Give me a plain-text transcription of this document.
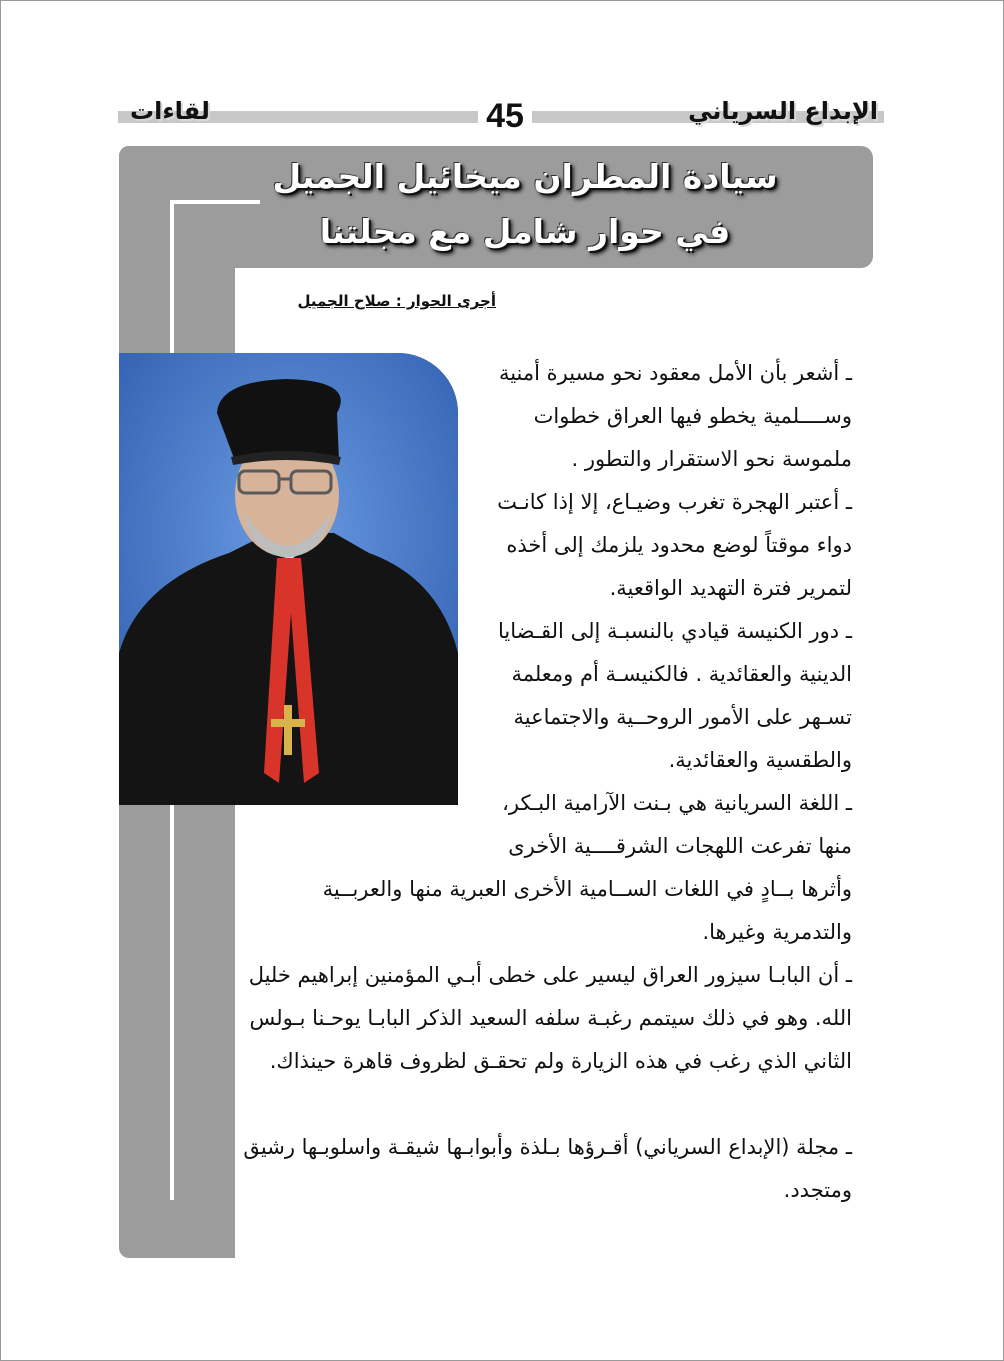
الإبداع السرياني
45
لقاءات
سيادة المطران ميخائيل الجميل
في حوار شامل مع مجلتنا
أجرى الحوار : صلاح الجميل
ـ أشعر بأن الأمل معقود نحو مسيرة أمنية وســــلمية يخطو فيها العراق خطوات ملموسة نحو الاستقرار والتطور .
ـ أعتبر الهجرة تغرب وضيـاع، إلا إذا كانـت دواء موقتاً لوضع محدود يلزمك إلى أخذه لتمرير فترة التهديد الواقعية.
ـ دور الكنيسة قيادي بالنسبـة إلى القـضايا الدينية والعقائدية . فالكنيسـة أم ومعلمة تسـهر على الأمور الروحــية والاجتماعية والطقسية والعقائدية.
ـ اللغة السريانية هي بـنت الآرامية البـكر، منها تفرعت اللهجات الشرقــــية الأخرى
وأثرها بــادٍ في اللغات الســامية الأخرى العبرية منها والعربــية والتدمرية وغيرها.
ـ أن البابـا سيزور العراق ليسير على خطى أبـي المؤمنين إبراهيم خليل الله. وهو في ذلك سيتمم رغبـة سلفه السعيد الذكر البابـا يوحـنا بـولس الثاني الذي رغب في هذه الزيارة ولم تحقـق لظروف قاهرة حينذاك.
ـ مجلة (الإبداع السرياني) أقـرؤها بـلذة وأبوابـها شيقـة واسلوبـها رشيق ومتجدد.
